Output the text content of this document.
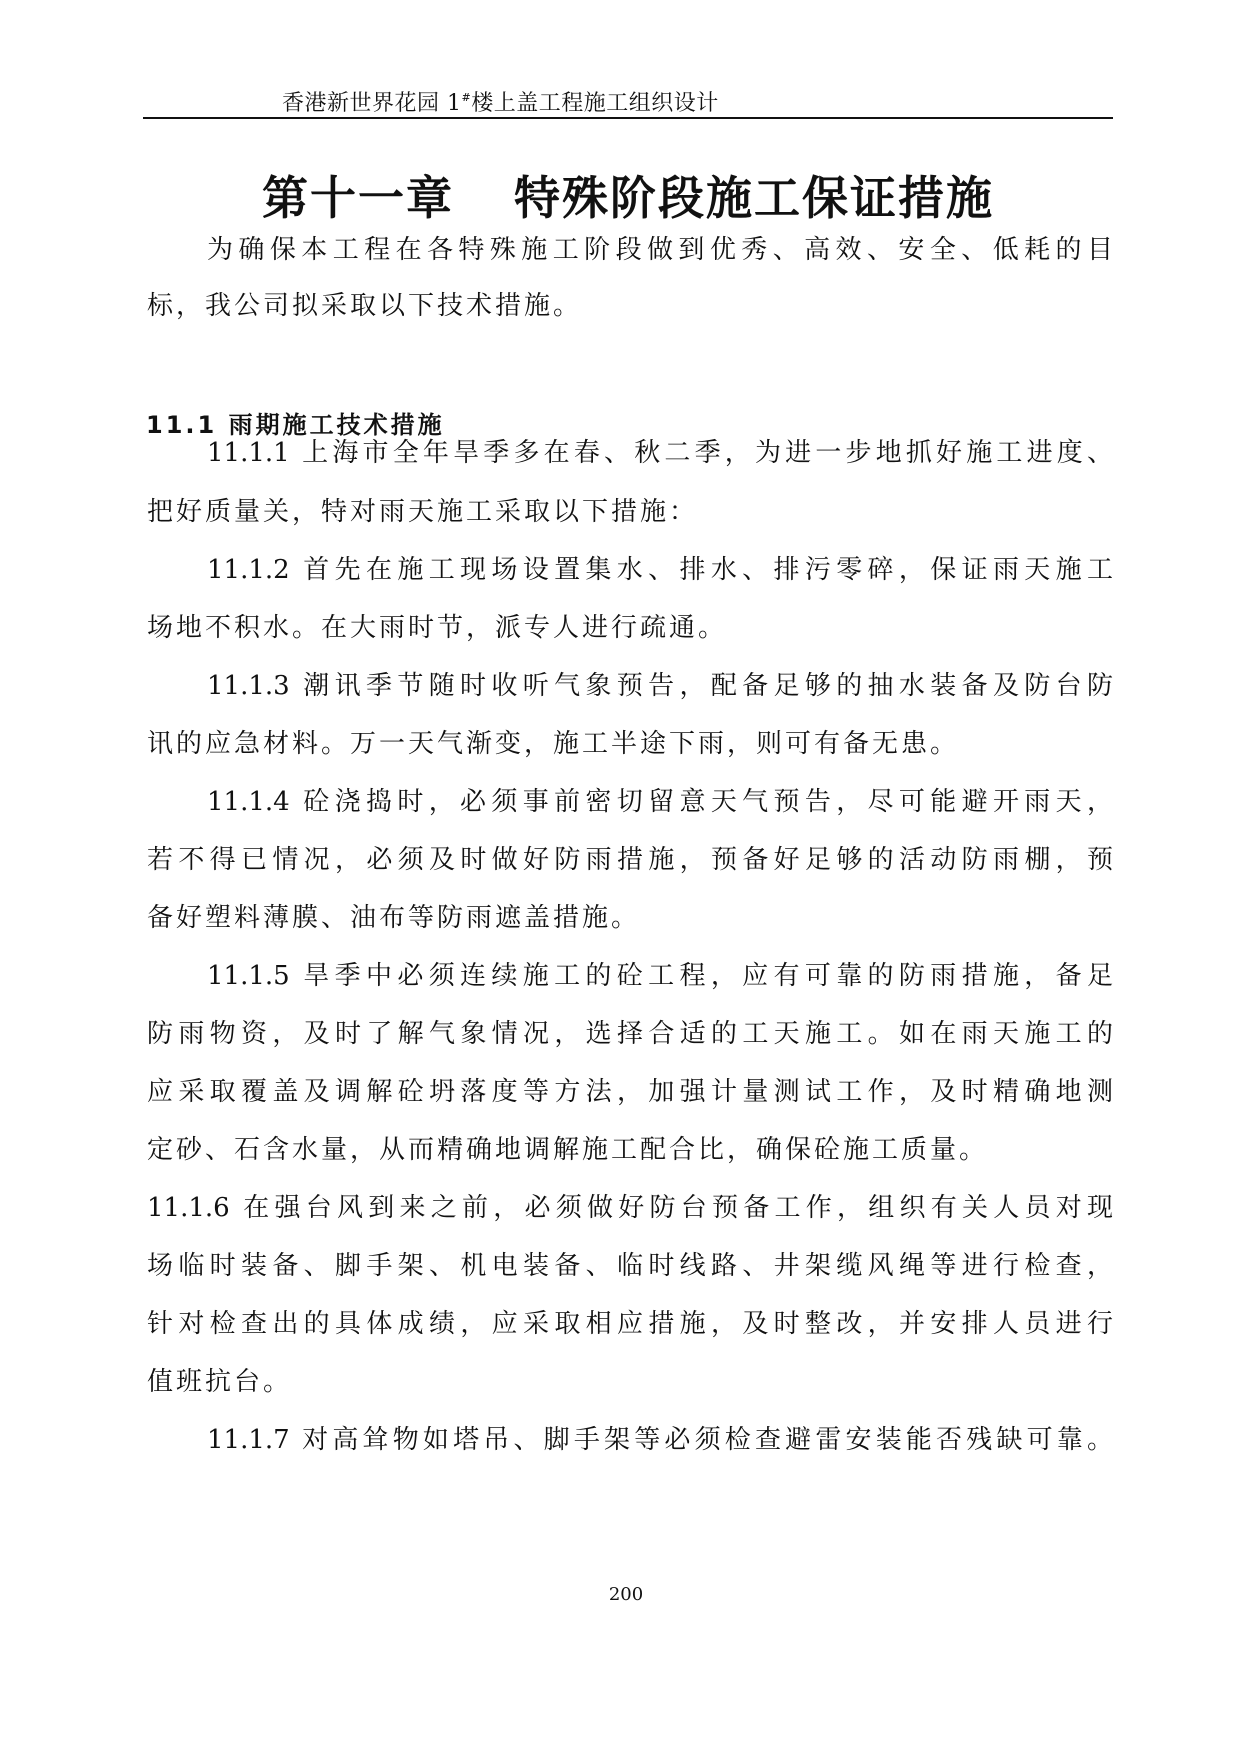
香港新世界花园 1#楼上盖工程施工组织设计
第十一章 特殊阶段施工保证措施
为确保本工程在各特殊施工阶段做到优秀、高效、安全、低耗的目
标，我公司拟采取以下技术措施。
11.1 雨期施工技术措施
11.1.1 上海市全年旱季多在春、秋二季，为进一步地抓好施工进度、
把好质量关，特对雨天施工采取以下措施：
11.1.2 首先在施工现场设置集水、排水、排污零碎，保证雨天施工
场地不积水。在大雨时节，派专人进行疏通。
11.1.3 潮讯季节随时收听气象预告，配备足够的抽水装备及防台防
讯的应急材料。万一天气渐变，施工半途下雨，则可有备无患。
11.1.4 砼浇捣时，必须事前密切留意天气预告，尽可能避开雨天，
若不得已情况，必须及时做好防雨措施，预备好足够的活动防雨棚，预
备好塑料薄膜、油布等防雨遮盖措施。
11.1.5 旱季中必须连续施工的砼工程，应有可靠的防雨措施，备足
防雨物资，及时了解气象情况，选择合适的工天施工。如在雨天施工的
应采取覆盖及调解砼坍落度等方法，加强计量测试工作，及时精确地测
定砂、石含水量，从而精确地调解施工配合比，确保砼施工质量。
11.1.6 在强台风到来之前，必须做好防台预备工作，组织有关人员对现
场临时装备、脚手架、机电装备、临时线路、井架缆风绳等进行检查，
针对检查出的具体成绩，应采取相应措施，及时整改，并安排人员进行
值班抗台。
11.1.7 对高耸物如塔吊、脚手架等必须检查避雷安装能否残缺可靠。
200
